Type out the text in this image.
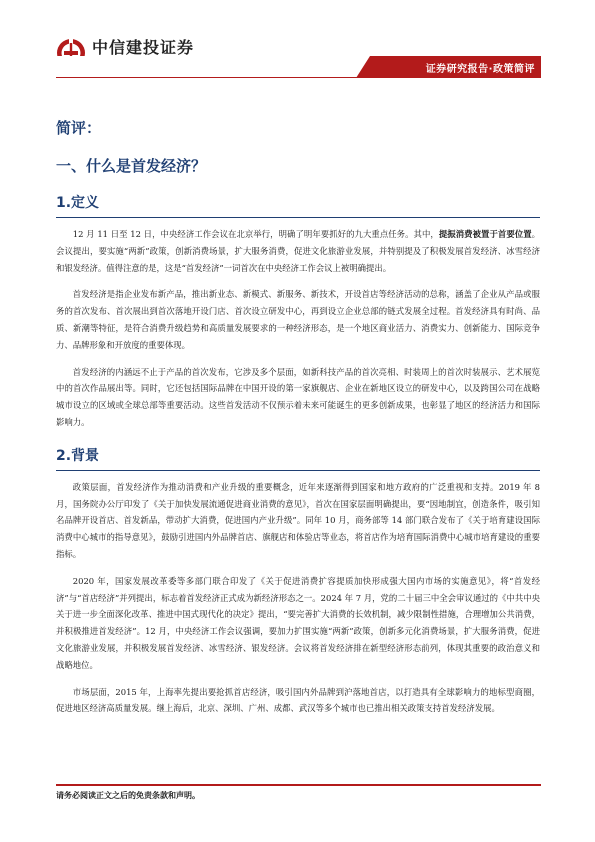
中信建投证券
证券研究报告·政策简评
简评：
一、什么是首发经济？
1.定义

12 月 11 日至 12 日，中央经济工作会议在北京举行，明确了明年要抓好的九大重点任务。其中，提振消费被置于首要位置。会议提出，要实施“两新”政策，创新消费场景，扩大服务消费，促进文化旅游业发展，并特别提及了积极发展首发经济、冰雪经济和银发经济。值得注意的是，这是“首发经济”一词首次在中央经济工作会议上被明确提出。

首发经济是指企业发布新产品，推出新业态、新模式、新服务、新技术，开设首店等经济活动的总称，涵盖了企业从产品或服务的首次发布、首次展出到首次落地开设门店、首次设立研发中心，再到设立企业总部的链式发展全过程。首发经济具有时尚、品质、新潮等特征，是符合消费升级趋势和高质量发展要求的一种经济形态，是一个地区商业活力、消费实力、创新能力、国际竞争力、品牌形象和开放度的重要体现。

首发经济的内涵远不止于产品的首次发布，它涉及多个层面，如新科技产品的首次亮相、时装周上的首次时装展示、艺术展览中的首次作品展出等。同时，它还包括国际品牌在中国开设的第一家旗舰店、企业在新地区设立的研发中心，以及跨国公司在战略城市设立的区域或全球总部等重要活动。这些首发活动不仅预示着未来可能诞生的更多创新成果，也彰显了地区的经济活力和国际影响力。

2.背景

政策层面，首发经济作为推动消费和产业升级的重要概念，近年来逐渐得到国家和地方政府的广泛重视和支持。2019 年 8 月，国务院办公厅印发了《关于加快发展流通促进商业消费的意见》，首次在国家层面明确提出，要“因地制宜，创造条件，吸引知名品牌开设首店、首发新品，带动扩大消费，促进国内产业升级”。同年 10 月，商务部等 14 部门联合发布了《关于培育建设国际消费中心城市的指导意见》，鼓励引进国内外品牌首店、旗舰店和体验店等业态，将首店作为培育国际消费中心城市培育建设的重要指标。

2020 年，国家发展改革委等多部门联合印发了《关于促进消费扩容提质加快形成强大国内市场的实施意见》，将“首发经济”与“首店经济”并列提出，标志着首发经济正式成为新经济形态之一。2024 年 7 月，党的二十届三中全会审议通过的《中共中央关于进一步全面深化改革、推进中国式现代化的决定》提出，“要完善扩大消费的长效机制，减少限制性措施，合理增加公共消费，并积极推进首发经济”。12 月，中央经济工作会议强调，要加力扩围实施“两新”政策，创新多元化消费场景，扩大服务消费，促进文化旅游业发展，并积极发展首发经济、冰雪经济、银发经济。会议将首发经济排在新型经济形态前列，体现其重要的政治意义和战略地位。

市场层面，2015 年，上海率先提出要抢抓首店经济，吸引国内外品牌到沪落地首店，以打造具有全球影响力的地标型商圈，促进地区经济高质量发展。继上海后，北京、深圳、广州、成都、武汉等多个城市也已推出相关政策支持首发经济发展。

请务必阅读正文之后的免责条款和声明。
